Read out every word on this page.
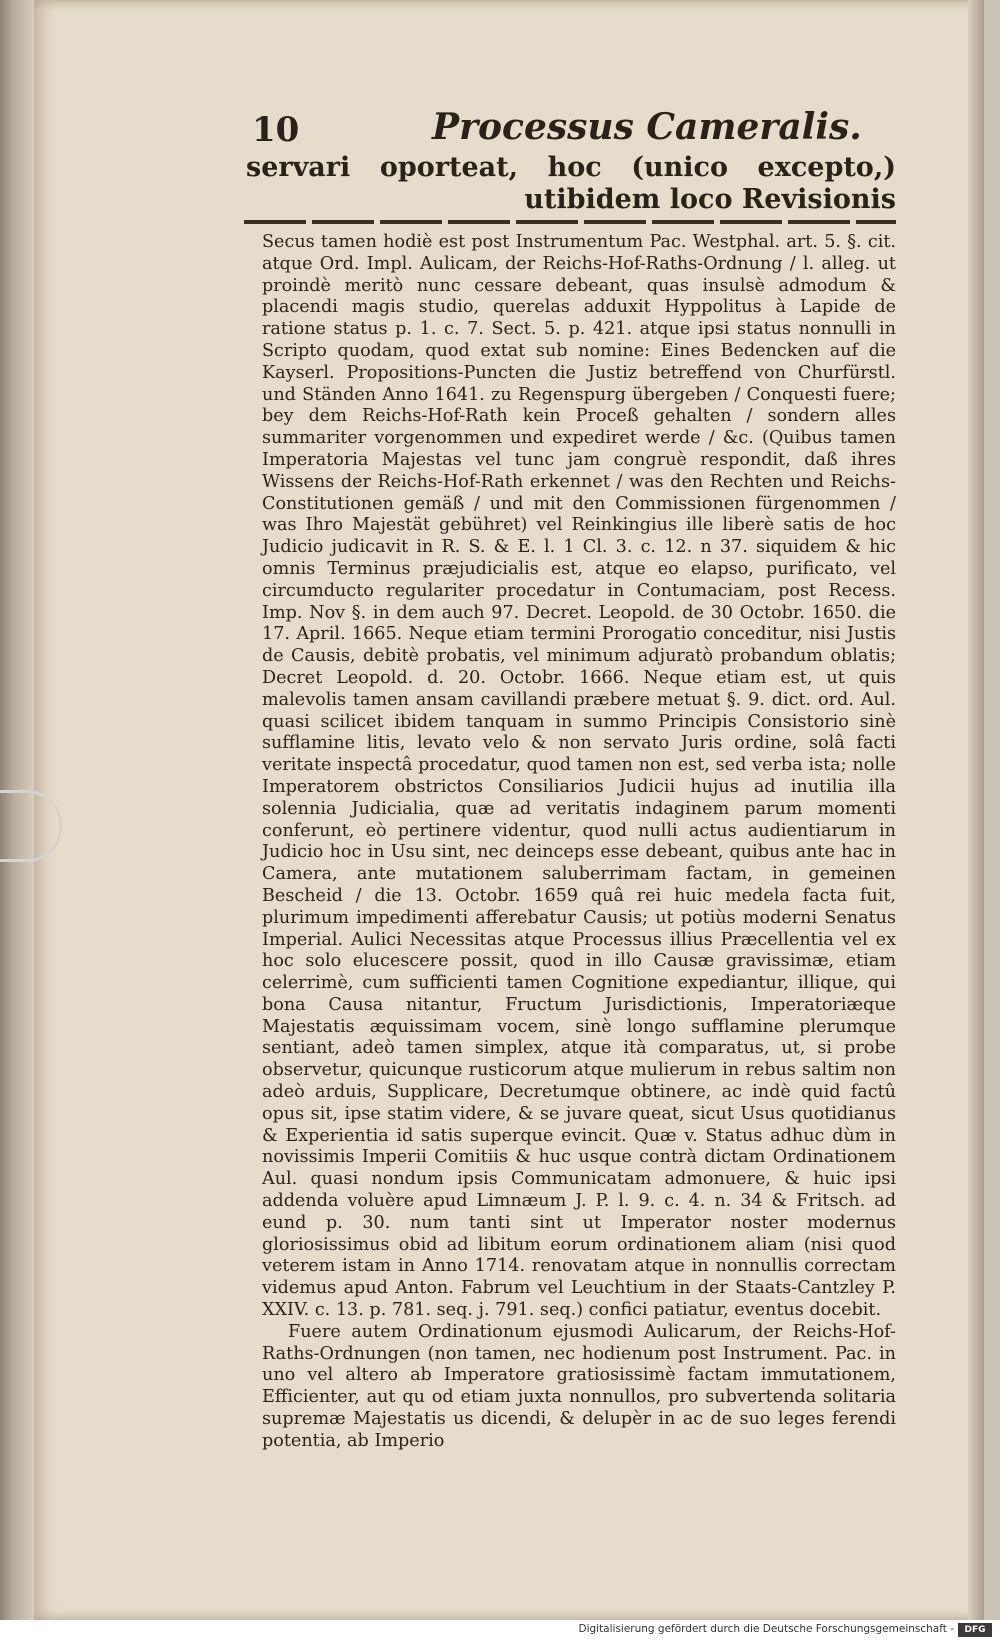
10	Processus Cameralis.
servari oporteat, hoc (unico excepto,) utibidem loco Revisionis

Secus tamen hodiè est post Instrumentum Pac. Westphal. art. 5. §. cit. atque Ord. Impl. Aulicam, der Reichs-Hof-Raths-Ordnung / l. alleg. ut proindè meritò nunc cessare debeant, quas insulsè admodum & placendi magis studio, querelas adduxit Hyppolitus à Lapide de ratione status p. 1. c. 7. Sect. 5. p. 421. atque ipsi status nonnulli in Scripto quodam, quod extat sub nomine: Eines Bedencken auf die Kayserl. Propositions-Puncten die Justiz betreffend von Churfürstl. und Ständen Anno 1641. zu Regenspurg übergeben / Conquesti fuere; bey dem Reichs-Hof-Rath kein Proceß gehalten / sondern alles summariter vorgenommen und expediret werde / &c. (Quibus tamen Imperatoria Majestas vel tunc jam congruè respondit, daß ihres Wissens der Reichs-Hof-Rath erkennet / was den Rechten und Reichs-Constitutionen gemäß / und mit den Commissionen fürgenommen / was Ihro Majestät gebühret) vel Reinkingius ille liberè satis de hoc Judicio judicavit in R. S. & E. l. 1 Cl. 3. c. 12. n 37. siquidem & hic omnis Terminus præjudicialis est, atque eo elapso, purificato, vel circumducto regulariter procedatur in Contumaciam, post Recess. Imp. Nov §. in dem auch 97. Decret. Leopold. de 30 Octobr. 1650. die 17. April. 1665. Neque etiam termini Prorogatio conceditur, nisi Justis de Causis, debitè probatis, vel minimum adjuratò probandum oblatis; Decret Leopold. d. 20. Octobr. 1666. Neque etiam est, ut quis malevolis tamen ansam cavillandi præbere metuat §. 9. dict. ord. Aul. quasi scilicet ibidem tanquam in summo Principis Consistorio sinè sufflamine litis, levato velo & non servato Juris ordine, solâ facti veritate inspectâ procedatur, quod tamen non est, sed verba ista; nolle Imperatorem obstrictos Consiliarios Judicii hujus ad inutilia illa solennia Judicialia, quæ ad veritatis indaginem parum momenti conferunt, eò pertinere videntur, quod nulli actus audientiarum in Judicio hoc in Usu sint, nec deinceps esse debeant, quibus ante hac in Camera, ante mutationem saluberrimam factam, in gemeinen Bescheid / die 13. Octobr. 1659 quâ rei huic medela facta fuit, plurimum impedimenti afferebatur Causis; ut potiùs moderni Senatus Imperial. Aulici Necessitas atque Processus illius Præcellentia vel ex hoc solo elucescere possit, quod in illo Causæ gravissimæ, etiam celerrimè, cum sufficienti tamen Cognitione expediantur, illique, qui bona Causa nitantur, Fructum Jurisdictionis, Imperatoriæque Majestatis æquissimam vocem, sinè longo sufflamine plerumque sentiant, adeò tamen simplex, atque ità comparatus, ut, si probe observetur, quicunque rusticorum atque mulierum in rebus saltim non adeò arduis, Supplicare, Decretumque obtinere, ac indè quid factû opus sit, ipse statim videre, & se juvare queat, sicut Usus quotidianus & Experientia id satis superque evincit. Quæ v. Status adhuc dùm in novissimis Imperii Comitiis & huc usque contrà dictam Ordinationem Aul. quasi nondum ipsis Communicatam admonuere, & huic ipsi addenda voluère apud Limnæum J. P. l. 9. c. 4. n. 34 & Fritsch. ad eund p. 30. num tanti sint ut Imperator noster modernus gloriosissimus obid ad libitum eorum ordinationem aliam (nisi quod veterem istam in Anno 1714. renovatam atque in nonnullis correctam videmus apud Anton. Fabrum vel Leuchtium in der Staats-Cantzley P. XXIV. c. 13. p. 781. seq. j. 791. seq.) confici patiatur, eventus docebit.

Fuere autem Ordinationum ejusmodi Aulicarum, der Reichs-Hof-Raths-Ordnungen (non tamen, nec hodienum post Instrument. Pac. in uno vel altero ab Imperatore gratiosissimè factam immutationem, Efficienter, aut qu od etiam juxta nonnullos, pro subvertenda solitaria supremæ Majestatis us dicendi, & delupèr in ac de suo leges ferendi potentia, ab Imperio

Digitalisierung gefördert durch die Deutsche Forschungsgemeinschaft -	DFG
